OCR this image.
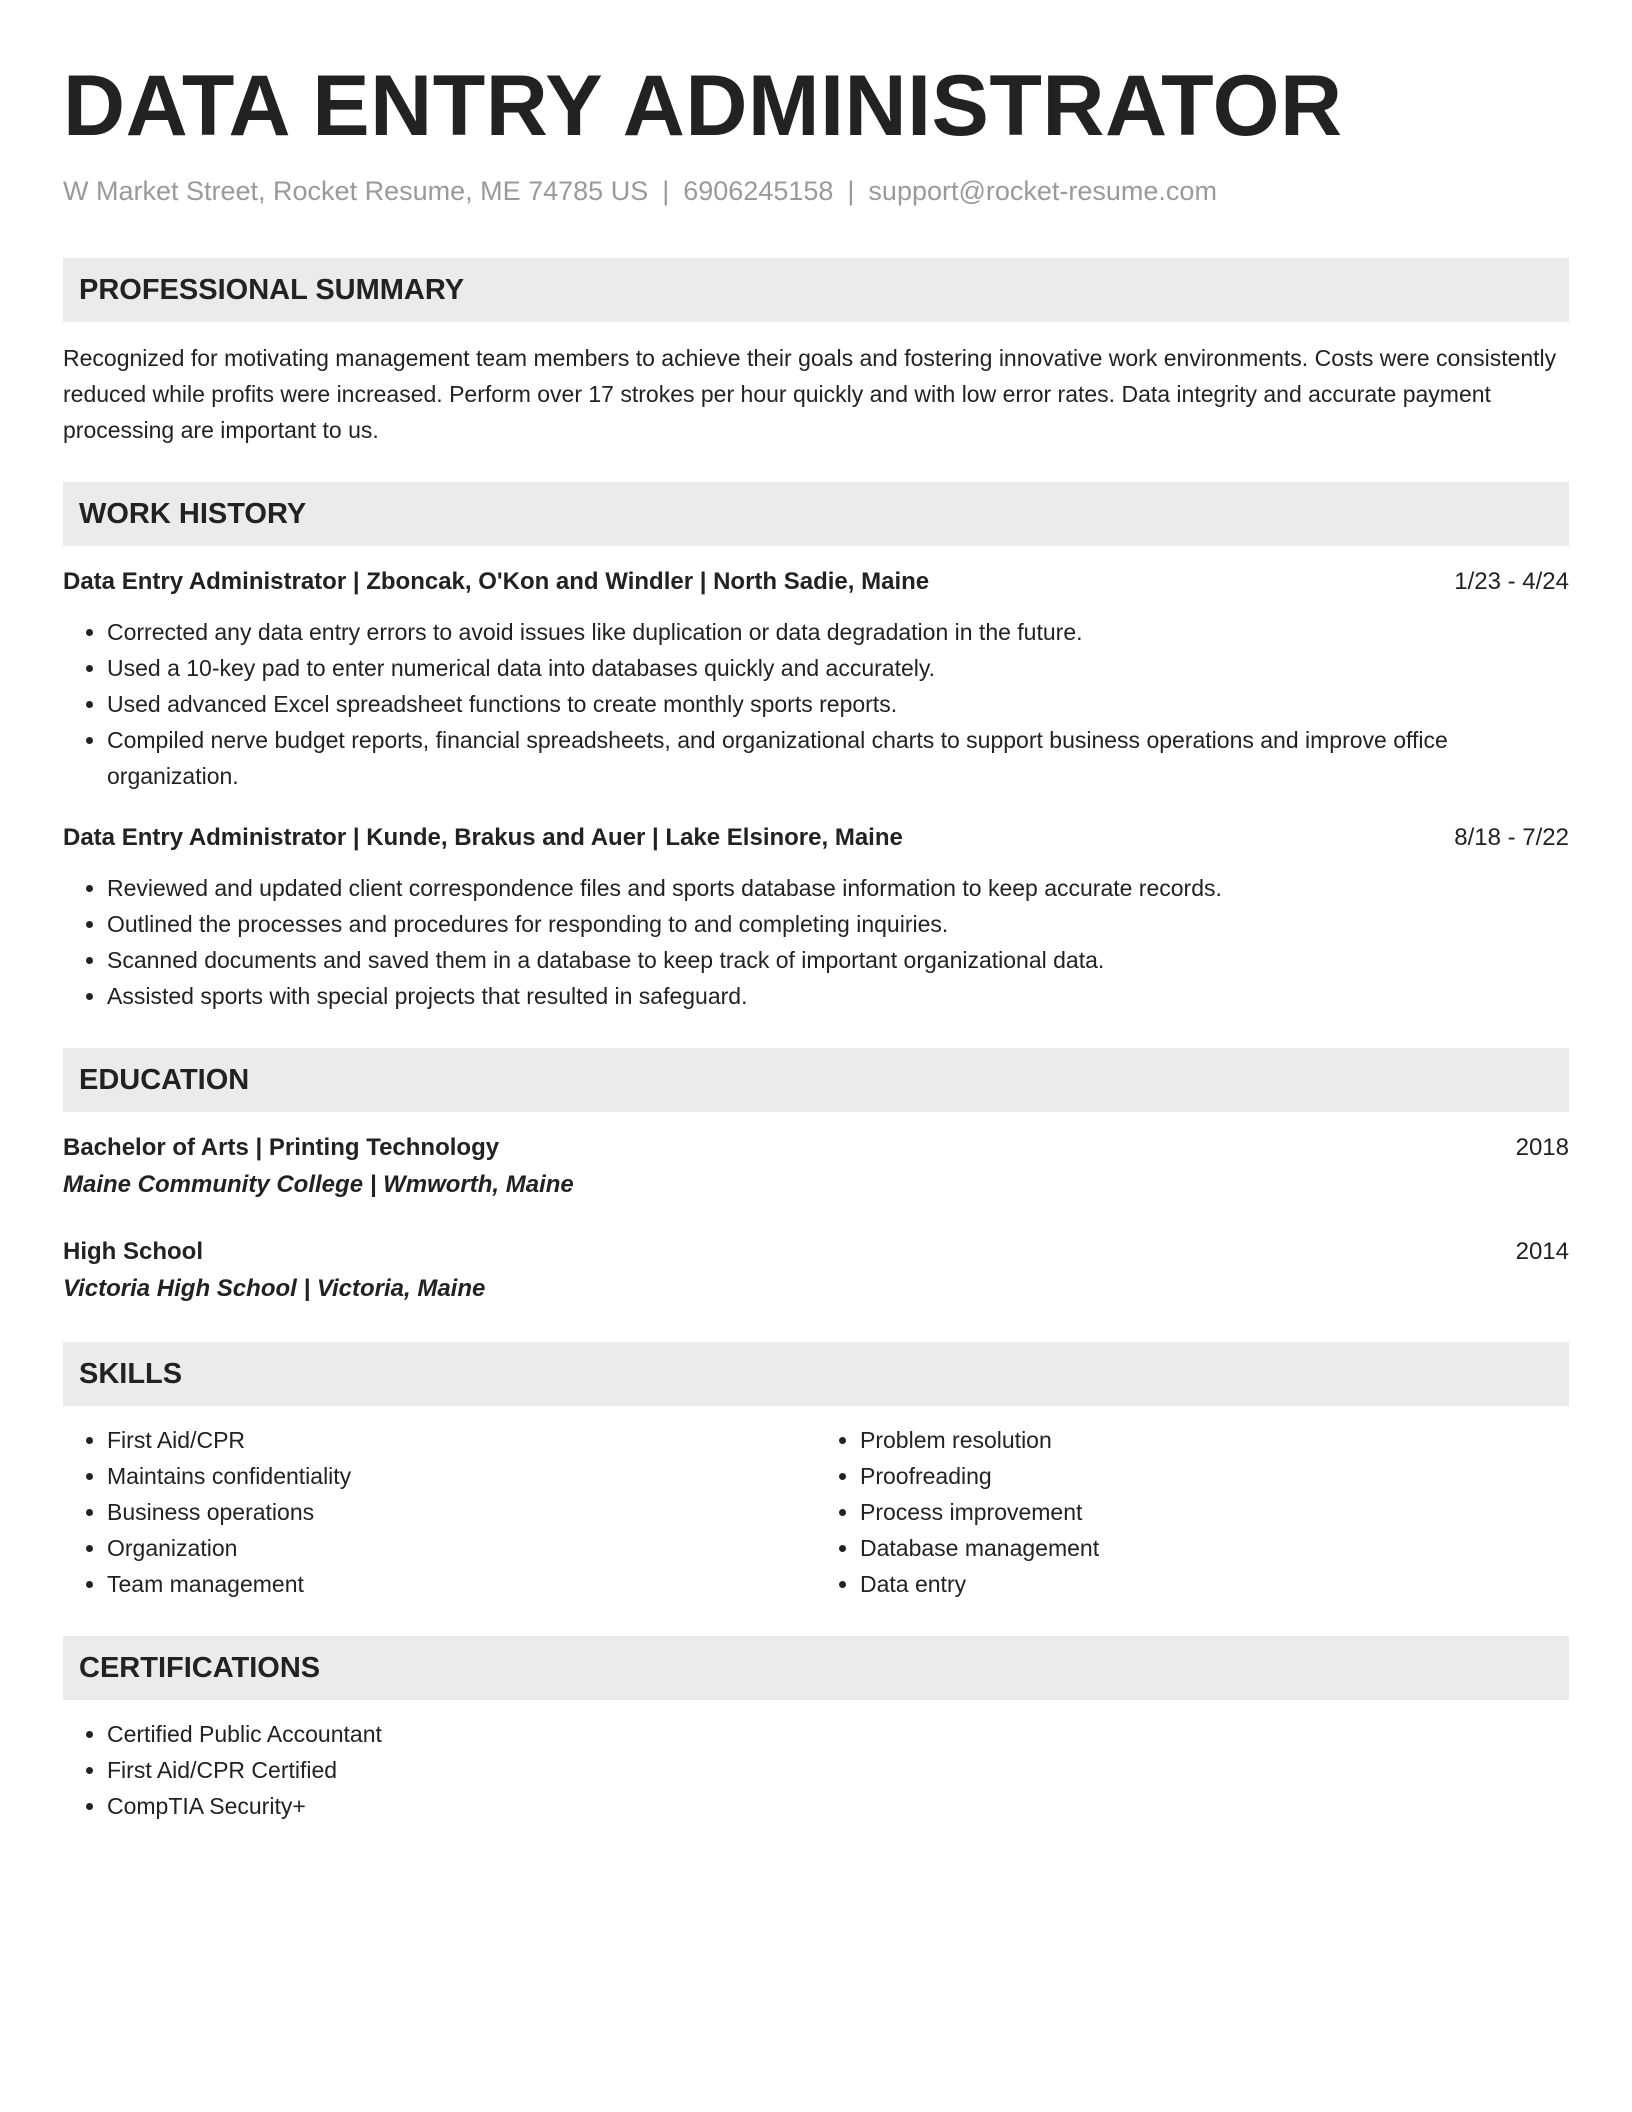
DATA ENTRY ADMINISTRATOR
W Market Street, Rocket Resume, ME 74785 US | 6906245158 | support@rocket-resume.com
PROFESSIONAL SUMMARY
Recognized for motivating management team members to achieve their goals and fostering innovative work environments. Costs were consistently reduced while profits were increased. Perform over 17 strokes per hour quickly and with low error rates. Data integrity and accurate payment processing are important to us.
WORK HISTORY
Data Entry Administrator | Zboncak, O'Kon and Windler | North Sadie, Maine	1/23 - 4/24
• Corrected any data entry errors to avoid issues like duplication or data degradation in the future.
• Used a 10-key pad to enter numerical data into databases quickly and accurately.
• Used advanced Excel spreadsheet functions to create monthly sports reports.
• Compiled nerve budget reports, financial spreadsheets, and organizational charts to support business operations and improve office organization.
Data Entry Administrator | Kunde, Brakus and Auer | Lake Elsinore, Maine	8/18 - 7/22
• Reviewed and updated client correspondence files and sports database information to keep accurate records.
• Outlined the processes and procedures for responding to and completing inquiries.
• Scanned documents and saved them in a database to keep track of important organizational data.
• Assisted sports with special projects that resulted in safeguard.
EDUCATION
Bachelor of Arts | Printing Technology	2018
Maine Community College | Wmworth, Maine
High School	2014
Victoria High School | Victoria, Maine
SKILLS
• First Aid/CPR
• Maintains confidentiality
• Business operations
• Organization
• Team management
• Problem resolution
• Proofreading
• Process improvement
• Database management
• Data entry
CERTIFICATIONS
• Certified Public Accountant
• First Aid/CPR Certified
• CompTIA Security+
